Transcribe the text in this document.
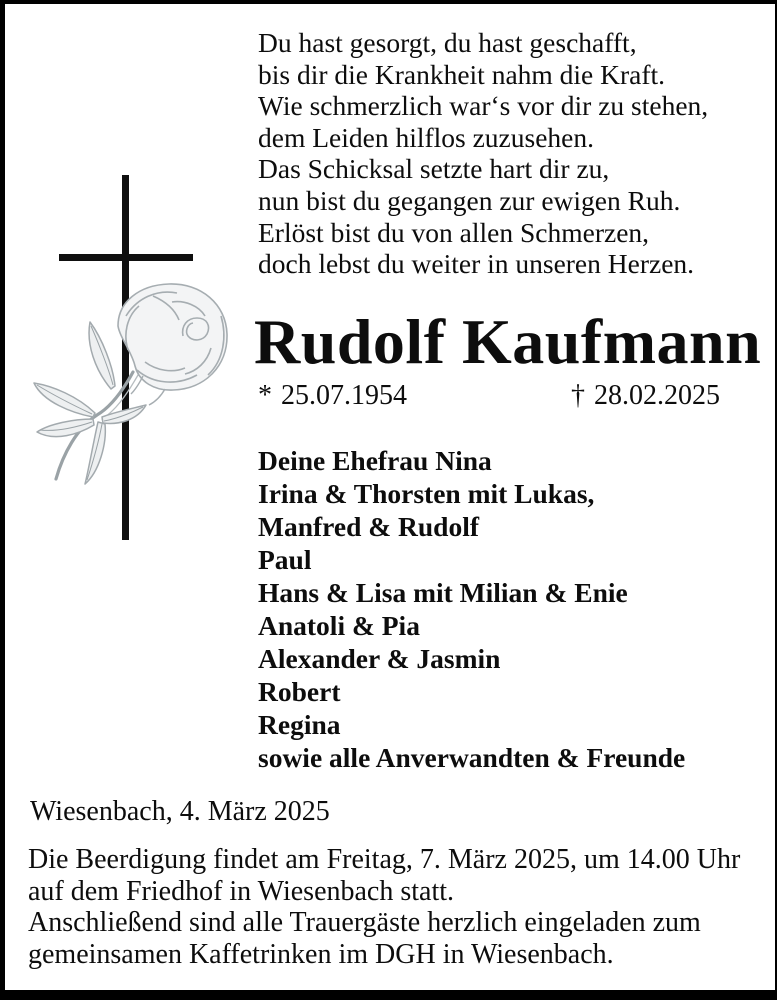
Du hast gesorgt, du hast geschafft,
bis dir die Krankheit nahm die Kraft.
Wie schmerzlich war‘s vor dir zu stehen,
dem Leiden hilflos zuzusehen.
Das Schicksal setzte hart dir zu,
nun bist du gegangen zur ewigen Ruh.
Erlöst bist du von allen Schmerzen,
doch lebst du weiter in unseren Herzen.
Rudolf Kaufmann
* 25.07.1954	† 28.02.2025
Deine Ehefrau Nina
Irina & Thorsten mit Lukas,
Manfred & Rudolf
Paul
Hans & Lisa mit Milian & Enie
Anatoli & Pia
Alexander & Jasmin
Robert
Regina
sowie alle Anverwandten & Freunde
Wiesenbach, 4. März 2025
Die Beerdigung findet am Freitag, 7. März 2025, um 14.00 Uhr
auf dem Friedhof in Wiesenbach statt.
Anschließend sind alle Trauergäste herzlich eingeladen zum
gemeinsamen Kaffetrinken im DGH in Wiesenbach.
